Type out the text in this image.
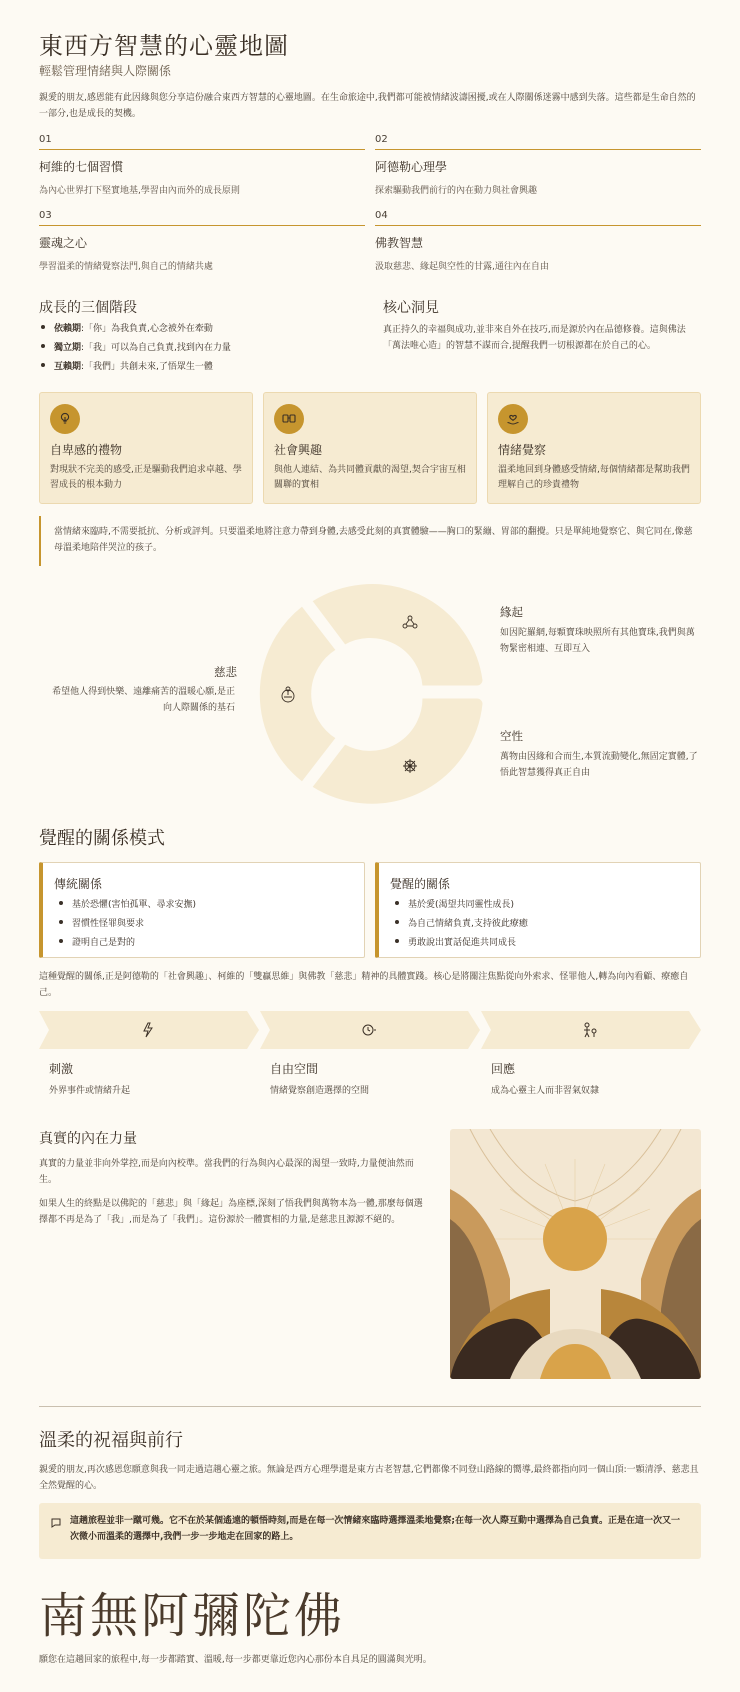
東西方智慧的心靈地圖
輕鬆管理情緒與人際關係
親愛的朋友,感恩能有此因緣與您分享這份融合東西方智慧的心靈地圖。在生命旅途中,我們都可能被情緒波濤困擾,或在人際關係迷霧中感到失落。這些都是生命自然的一部分,也是成長的契機。
01
柯維的七個習慣
為內心世界打下堅實地基,學習由內而外的成長原則
02
阿德勒心理學
探索驅動我們前行的內在動力與社會興趣
03
靈魂之心
學習溫柔的情緒覺察法門,與自己的情緒共處
04
佛教智慧
汲取慈悲、緣起與空性的甘露,通往內在自由
成長的三個階段
依賴期:「你」為我負責,心念被外在牽動
獨立期:「我」可以為自己負責,找到內在力量
互賴期:「我們」共創未來,了悟眾生一體
核心洞見
真正持久的幸福與成功,並非來自外在技巧,而是源於內在品德修養。這與佛法「萬法唯心造」的智慧不謀而合,提醒我們一切根源都在於自己的心。
自卑感的禮物
對現狀不完美的感受,正是驅動我們追求卓越、學習成長的根本動力
社會興趣
與他人連結、為共同體貢獻的渴望,契合宇宙互相關聯的實相
情緒覺察
溫柔地回到身體感受情緒,每個情緒都是幫助我們理解自己的珍貴禮物
當情緒來臨時,不需要抵抗、分析或評判。只要溫柔地將注意力帶到身體,去感受此刻的真實體驗——胸口的緊繃、胃部的翻攪。只是單純地覺察它、與它同在,像慈母溫柔地陪伴哭泣的孩子。
慈悲
希望他人得到快樂、遠離痛苦的溫暖心願,是正向人際關係的基石
緣起
如因陀羅網,每顆寶珠映照所有其他寶珠,我們與萬物緊密相連、互即互入
空性
萬物由因緣和合而生,本質流動變化,無固定實體,了悟此智慧獲得真正自由
覺醒的關係模式
傳統關係
基於恐懼(害怕孤單、尋求安撫)
習慣性怪罪與要求
證明自己是對的
覺醒的關係
基於愛(渴望共同靈性成長)
為自己情緒負責,支持彼此療癒
勇敢說出實話促進共同成長
這種覺醒的關係,正是阿德勒的「社會興趣」、柯維的「雙贏思維」與佛教「慈悲」精神的具體實踐。核心是將關注焦點從向外索求、怪罪他人,轉為向內看顧、療癒自己。
刺激
外界事件或情緒升起
自由空間
情緒覺察創造選擇的空間
回應
成為心靈主人而非習氣奴隸
真實的內在力量
真實的力量並非向外掌控,而是向內校準。當我們的行為與內心最深的渴望一致時,力量便油然而生。
如果人生的終點是以佛陀的「慈悲」與「緣起」為座標,深刻了悟我們與萬物本為一體,那麼每個選擇都不再是為了「我」,而是為了「我們」。這份源於一體實相的力量,是慈悲且源源不絕的。
溫柔的祝福與前行
親愛的朋友,再次感恩您願意與我一同走過這趟心靈之旅。無論是西方心理學還是東方古老智慧,它們都像不同登山路線的嚮導,最終都指向同一個山頂:一顆清淨、慈悲且全然覺醒的心。
這趟旅程並非一蹴可幾。它不在於某個遙遠的頓悟時刻,而是在每一次情緒來臨時選擇溫柔地覺察;在每一次人際互動中選擇為自己負責。正是在這一次又一次微小而溫柔的選擇中,我們一步一步地走在回家的路上。
南無阿彌陀佛
願您在這趟回家的旅程中,每一步都踏實、溫暖,每一步都更靠近您內心那份本自具足的圓滿與光明。
